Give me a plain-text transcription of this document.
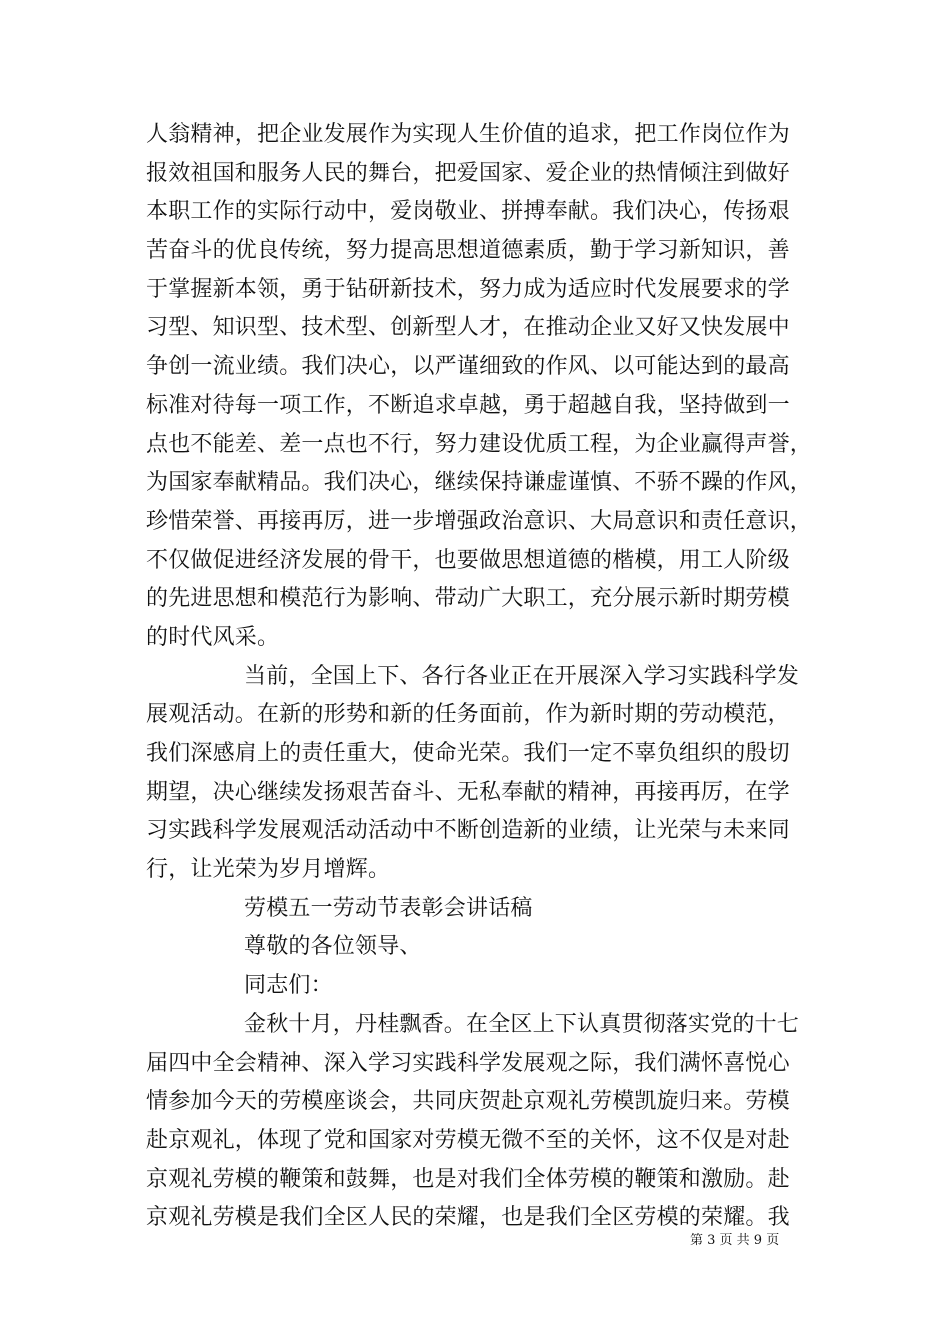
人翁精神，把企业发展作为实现人生价值的追求，把工作岗位作为
报效祖国和服务人民的舞台，把爱国家、爱企业的热情倾注到做好
本职工作的实际行动中，爱岗敬业、拼搏奉献。我们决心，传扬艰
苦奋斗的优良传统，努力提高思想道德素质，勤于学习新知识，善
于掌握新本领，勇于钻研新技术，努力成为适应时代发展要求的学
习型、知识型、技术型、创新型人才，在推动企业又好又快发展中
争创一流业绩。我们决心，以严谨细致的作风、以可能达到的最高
标准对待每一项工作，不断追求卓越，勇于超越自我，坚持做到一
点也不能差、差一点也不行，努力建设优质工程，为企业赢得声誉，
为国家奉献精品。我们决心，继续保持谦虚谨慎、不骄不躁的作风，
珍惜荣誉、再接再厉，进一步增强政治意识、大局意识和责任意识，
不仅做促进经济发展的骨干，也要做思想道德的楷模，用工人阶级
的先进思想和模范行为影响、带动广大职工，充分展示新时期劳模
的时代风采。
当前，全国上下、各行各业正在开展深入学习实践科学发
展观活动。在新的形势和新的任务面前，作为新时期的劳动模范，
我们深感肩上的责任重大，使命光荣。我们一定不辜负组织的殷切
期望，决心继续发扬艰苦奋斗、无私奉献的精神，再接再厉，在学
习实践科学发展观活动活动中不断创造新的业绩，让光荣与未来同
行，让光荣为岁月增辉。
劳模五一劳动节表彰会讲话稿
尊敬的各位领导、
同志们：
金秋十月，丹桂飘香。在全区上下认真贯彻落实党的十七
届四中全会精神、深入学习实践科学发展观之际，我们满怀喜悦心
情参加今天的劳模座谈会，共同庆贺赴京观礼劳模凯旋归来。劳模
赴京观礼，体现了党和国家对劳模无微不至的关怀，这不仅是对赴
京观礼劳模的鞭策和鼓舞，也是对我们全体劳模的鞭策和激励。赴
京观礼劳模是我们全区人民的荣耀，也是我们全区劳模的荣耀。我
第 3 页 共 9 页
